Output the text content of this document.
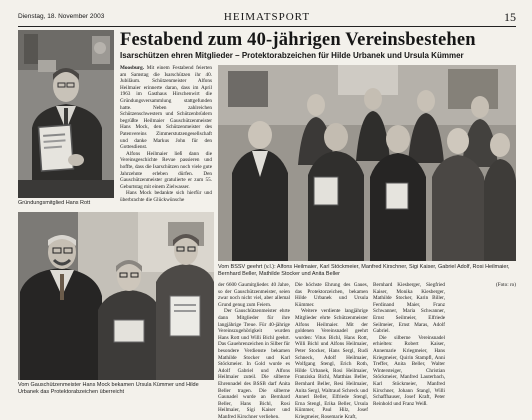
Dienstag, 18. November 2003	HEIMATSPORT	15
Gründungsmitglied Hans Rott
Vom Gauschützenmeister Hans Mock bekamen Ursula Kümmer und Hilde Urbanek das Protektorabzeichen überreicht
Festabend zum 40-jährigen Vereinsbestehen
Isarschützen ehren Mitglieder – Protektorabzeichen für Hilde Urbanek und Ursula Kümmer

Moosburg. Mit einem Festabend feierten am Samstag die Isarschützen ihr 40. Jubiläum. Schützenmeister Alfons Heilmaier erinnerte daran, dass im April 1963 im Gasthaus Hirschenwirt die Gründungsversammlung stattgefunden hatte. Neben zahlreichen Schützenschwestern und Schützenbrüdern begrüßte Heilmaier Gauschützenmeister Hans Mock, den Schützenmeister des Patenvereins Zimmerstutzengesellschaft und danke Markus John für den Gottesdienst.

Alfons Heilmaier ließ dann die Vereinsgeschichte Revue passieren und hoffte, dass die Isarschützen noch viele gute Jahrzehnte erleben dürfen. Den Gauschützenmeister gratulierte er zum 55. Geburtstag mit einem Zielwasser.

Hans Mock bedankte sich hierfür und überbrachte die Glückwünsche

Vom BSSV geehrt (v.l.): Alfons Heilmaier, Karl Stöckmeier, Manfred Kirschner, Sigi Kaiser, Gabriel Adolf, Rosi Heilmaier, Bernhard Beller, Mathilde Stocker und Anita Beller

der 6600 Gaumitglieder. 40 Jahre, so der Gauschützenmeister, seien zwar noch nicht viel, aber allemal Grund genug zum Feiern.

Der Gauschützenmeister ehrte dann Mitglieder für ihre langjährige Treue. Für 40-jährige Vereinszugehörigkeit wurden Hans Rott und Willi Bichl geehrt. Das Gauehrenzeichen in Silber für besondere Verdienste bekamen Mathilde Stocker und Karl Stöckmeier. In Gold wurde es Adolf Gabriel und Alfons Heilmaier zuteil. Die silberne Ehrennadel des BSSB darf Anita Beller tragen. Die silberne Gaunadel wurde an Bernhard Beller, Hans Bichl, Rosi Heilmaier, Sigi Kaiser und Manfred Kirschner verliehen.

Die höchste Ehrung des Gaues, das Protektorzeichen, bekamen Hilde Urbanek und Ursula Kümmer.

Weitere verdiente langjährige Mitglieder ehrte Schützenmeister Alfons Heilmaier. Mit der goldenen Vereinsnadel geehrt wurden: Vitus Bichl, Hans Rott, Willi Bichl und Alfons Heilmaier, Peter Stocker, Hans Sergl, Rudi Schneck, Adolf Heilmaier, Wolfgang Stengl, Erich Roth, Hilde Urbanek, Rosi Heilmaier, Franziska Bichl, Matthias Beller, Bernhard Beller, Resi Heilmaier, Anita Sergl, Waltraud Schreck und Annerl Beller, Elfriede Stengl, Erna Stengl, Erika Beller, Ursula Kümmer, Paul Hilz, Josef Kriegmeier, Rosemarie Kraft,

Bernhard Kiesberger, Siegfried Kaiser, Monika Kiesberger, Mathilde Stocker, Karin Biller, Ferdinand Maier, Franz Schwanner, Maria Schwanner, Ernst Seilmeier, Elfriede Seilmeier, Ernst Maras, Adolf Gabriel.

Die silberne Vereinsnadel erhielten: Robert Kaiser, Annemarie Kriegmeier, Hans Kriegmeier, Quirin Stampfl, Anni Treffer, Anita Beller, Walter Wintersteiger, Christian Stöckmeier, Manfred Lauterbach, Karl Stöckmeier, Manfred Kirschner, Johann Stangl, Willi Schaffhauser, Josef Kraft, Peter Reinhold und Franz Weiß.

(Foto: ro)
